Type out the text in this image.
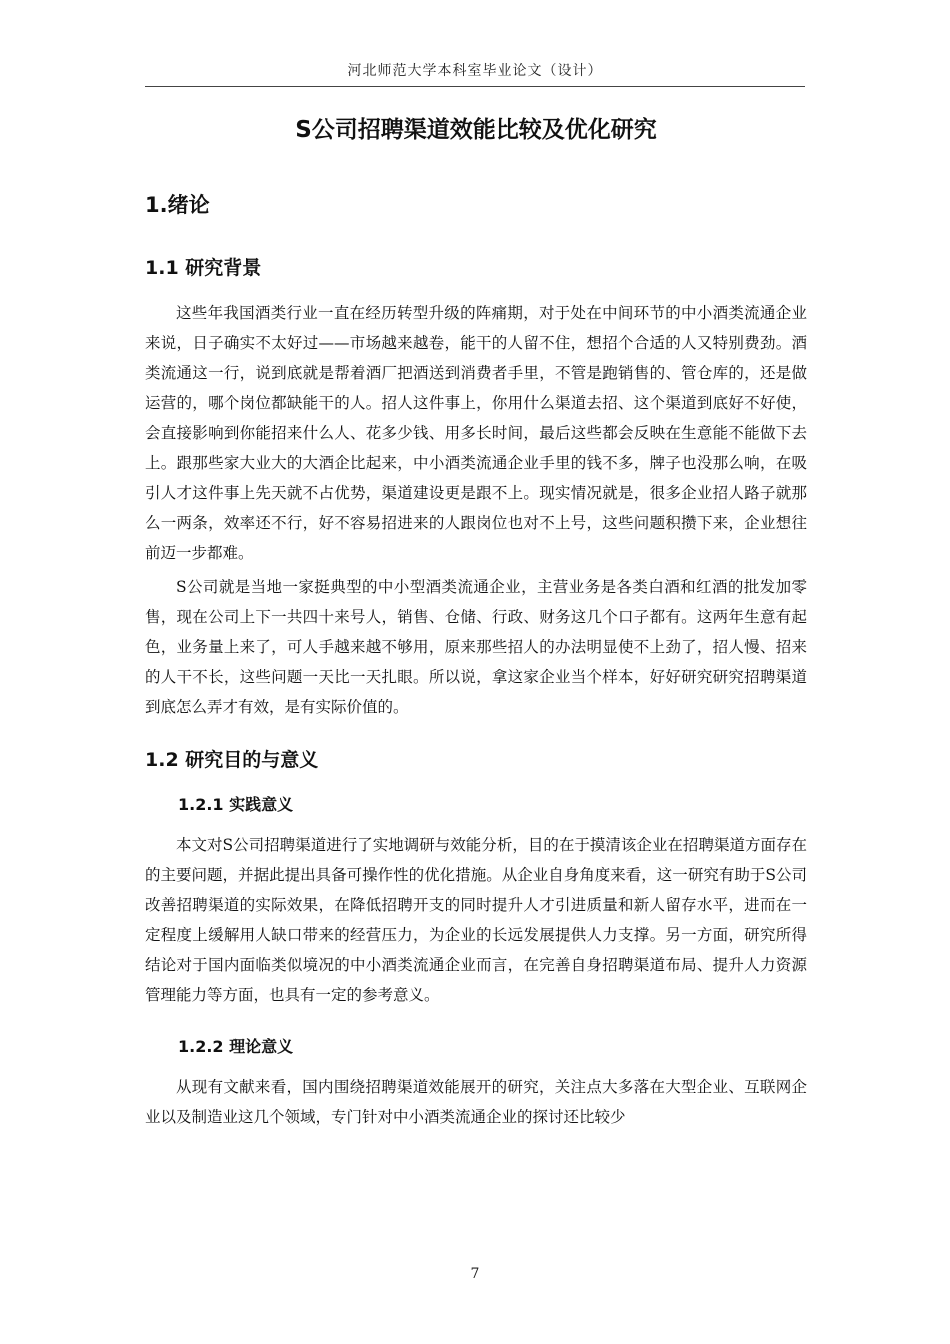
河北师范大学本科室毕业论文（设计）
S公司招聘渠道效能比较及优化研究
1.绪论
1.1 研究背景

这些年我国酒类行业一直在经历转型升级的阵痛期，对于处在中间环节的中小酒类流通企业来说，日子确实不太好过——市场越来越卷，能干的人留不住，想招个合适的人又特别费劲。酒类流通这一行，说到底就是帮着酒厂把酒送到消费者手里，不管是跑销售的、管仓库的，还是做运营的，哪个岗位都缺能干的人。招人这件事上，你用什么渠道去招、这个渠道到底好不好使，会直接影响到你能招来什么人、花多少钱、用多长时间，最后这些都会反映在生意能不能做下去上。跟那些家大业大的大酒企比起来，中小酒类流通企业手里的钱不多，牌子也没那么响，在吸引人才这件事上先天就不占优势，渠道建设更是跟不上。现实情况就是，很多企业招人路子就那么一两条，效率还不行，好不容易招进来的人跟岗位也对不上号，这些问题积攒下来，企业想往前迈一步都难。

S公司就是当地一家挺典型的中小型酒类流通企业，主营业务是各类白酒和红酒的批发加零售，现在公司上下一共四十来号人，销售、仓储、行政、财务这几个口子都有。这两年生意有起色，业务量上来了，可人手越来越不够用，原来那些招人的办法明显使不上劲了，招人慢、招来的人干不长，这些问题一天比一天扎眼。所以说，拿这家企业当个样本，好好研究研究招聘渠道到底怎么弄才有效，是有实际价值的。

1.2 研究目的与意义
1.2.1 实践意义

本文对S公司招聘渠道进行了实地调研与效能分析，目的在于摸清该企业在招聘渠道方面存在的主要问题，并据此提出具备可操作性的优化措施。从企业自身角度来看，这一研究有助于S公司改善招聘渠道的实际效果，在降低招聘开支的同时提升人才引进质量和新人留存水平，进而在一定程度上缓解用人缺口带来的经营压力，为企业的长远发展提供人力支撑。另一方面，研究所得结论对于国内面临类似境况的中小酒类流通企业而言，在完善自身招聘渠道布局、提升人力资源管理能力等方面，也具有一定的参考意义。

1.2.2 理论意义

从现有文献来看，国内围绕招聘渠道效能展开的研究，关注点大多落在大型企业、互联网企业以及制造业这几个领域，专门针对中小酒类流通企业的探讨还比较少

7
